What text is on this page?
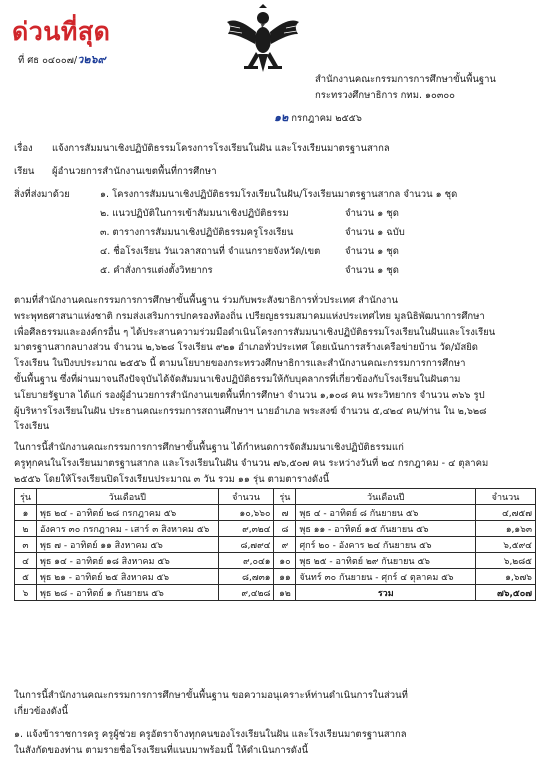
ด่วนที่สุด
ที่ ศธ ๐๔๐๐๗/ว๒๖๙
สำนักงานคณะกรรมการการศึกษาขั้นพื้นฐาน
กระทรวงศึกษาธิการ กทม. ๑๐๓๐๐
๑๒ กรกฎาคม ๒๕๕๖
เรื่อง แจ้งการสัมมนาเชิงปฏิบัติธรรมโครงการโรงเรียนในฝัน และโรงเรียนมาตรฐานสากล
เรียน ผู้อำนวยการสำนักงานเขตพื้นที่การศึกษา
สิ่งที่ส่งมาด้วย	๑. โครงการสัมมนาเชิงปฏิบัติธรรมโรงเรียนในฝัน/โรงเรียนมาตรฐานสากล จำนวน ๑ ชุด
๒. แนวปฏิบัติในการเข้าสัมมนาเชิงปฏิบัติธรรม	จำนวน ๑ ชุด
๓. ตารางการสัมมนาเชิงปฏิบัติธรรมครูโรงเรียน	จำนวน ๑ ฉบับ
๔. ชื่อโรงเรียน วันเวลาสถานที่ จำแนกรายจังหวัด/เขต	จำนวน ๑ ชุด
๕. คำสั่งการแต่งตั้งวิทยากร	จำนวน ๑ ชุด
ตามที่สำนักงานคณะกรรมการการศึกษาขั้นพื้นฐาน ร่วมกับพระสังฆาธิการทั่วประเทศ สำนักงาน
พระพุทธศาสนาแห่งชาติ กรมส่งเสริมการปกครองท้องถิ่น เปรียญธรรมสมาคมแห่งประเทศไทย มูลนิธิพัฒนาการศึกษา
เพื่อศีลธรรมและองค์กรอื่น ๆ ได้ประสานความร่วมมือดำเนินโครงการสัมมนาเชิงปฏิบัติธรรมโรงเรียนในฝันและโรงเรียน
มาตรฐานสากลบางส่วน จำนวน ๒,๖๒๘ โรงเรียน ๙๒๑ อำเภอทั่วประเทศ โดยเน้นการสร้างเครือข่ายบ้าน วัด/มัสยิด
โรงเรียน ในปีงบประมาณ ๒๕๕๖ นี้ ตามนโยบายของกระทรวงศึกษาธิการและสำนักงานคณะกรรมการการศึกษา
ขั้นพื้นฐาน ซึ่งที่ผ่านมาจนถึงปัจจุบันได้จัดสัมมนาเชิงปฏิบัติธรรมให้กับบุคลากรที่เกี่ยวข้องกับโรงเรียนในฝันตาม
นโยบายรัฐบาล ได้แก่ รองผู้อำนวยการสำนักงานเขตพื้นที่การศึกษา จำนวน ๑,๑๐๘ คน พระวิทยากร จำนวน ๓๖๖ รูป
ผู้บริหารโรงเรียนในฝัน ประธานคณะกรรมการสถานศึกษาฯ นายอำเภอ พระสงฆ์ จำนวน ๕,๔๒๔ คน/ท่าน ใน ๒,๖๒๘
โรงเรียน
ในการนี้สำนักงานคณะกรรมการการศึกษาขั้นพื้นฐาน ได้กำหนดการจัดสัมมนาเชิงปฏิบัติธรรมแก่
ครูทุกคนในโรงเรียนมาตรฐานสากล และโรงเรียนในฝัน จำนวน ๗๖,๕๐๗ คน ระหว่างวันที่ ๒๔ กรกฎาคม - ๔ ตุลาคม
๒๕๕๖ โดยให้โรงเรียนปิดโรงเรียนประมาณ ๓ วัน รวม ๑๑ รุ่น ตามตารางดังนี้
รุ่น	วันเดือนปี	จำนวน	รุ่น	วันเดือนปี	จำนวน
๑	พุธ ๒๔ - อาทิตย์ ๒๘ กรกฎาคม ๕๖	๑๐,๖๖๐	๗	พุธ ๔ - อาทิตย์ ๘ กันยายน ๕๖	๔,๗๕๗
๒	อังคาร ๓๐ กรกฎาคม - เสาร์ ๓ สิงหาคม ๕๖	๙,๓๒๔	๘	พุธ ๑๑ - อาทิตย์ ๑๕ กันยายน ๕๖	๑,๑๖๓
๓	พุธ ๗ - อาทิตย์ ๑๑ สิงหาคม ๕๖	๘,๗๙๔	๙	ศุกร์ ๒๐ - อังคาร ๒๔ กันยายน ๕๖	๖,๕๙๔
๔	พุธ ๑๔ - อาทิตย์ ๑๘ สิงหาคม ๕๖	๙,๐๔๑	๑๐	พุธ ๒๕ - อาทิตย์ ๒๙ กันยายน ๕๖	๖,๒๘๕
๕	พุธ ๒๑ - อาทิตย์ ๒๕ สิงหาคม ๕๖	๘,๗๓๑	๑๑	จันทร์ ๓๐ กันยายน - ศุกร์ ๔ ตุลาคม ๕๖	๑,๖๗๖
๖	พุธ ๒๘ - อาทิตย์ ๑ กันยายน ๕๖	๙,๔๒๘	๑๒	รวม	๗๖,๕๐๗
ในการนี้สำนักงานคณะกรรมการการศึกษาขั้นพื้นฐาน ขอความอนุเคราะห์ท่านดำเนินการในส่วนที่
เกี่ยวข้องดังนี้
๑. แจ้งข้าราชการครู ครูผู้ช่วย ครูอัตราจ้างทุกคนของโรงเรียนในฝัน และโรงเรียนมาตรฐานสากล
ในสังกัดของท่าน ตามรายชื่อโรงเรียนที่แนบมาพร้อมนี้ ให้ดำเนินการดังนี้
